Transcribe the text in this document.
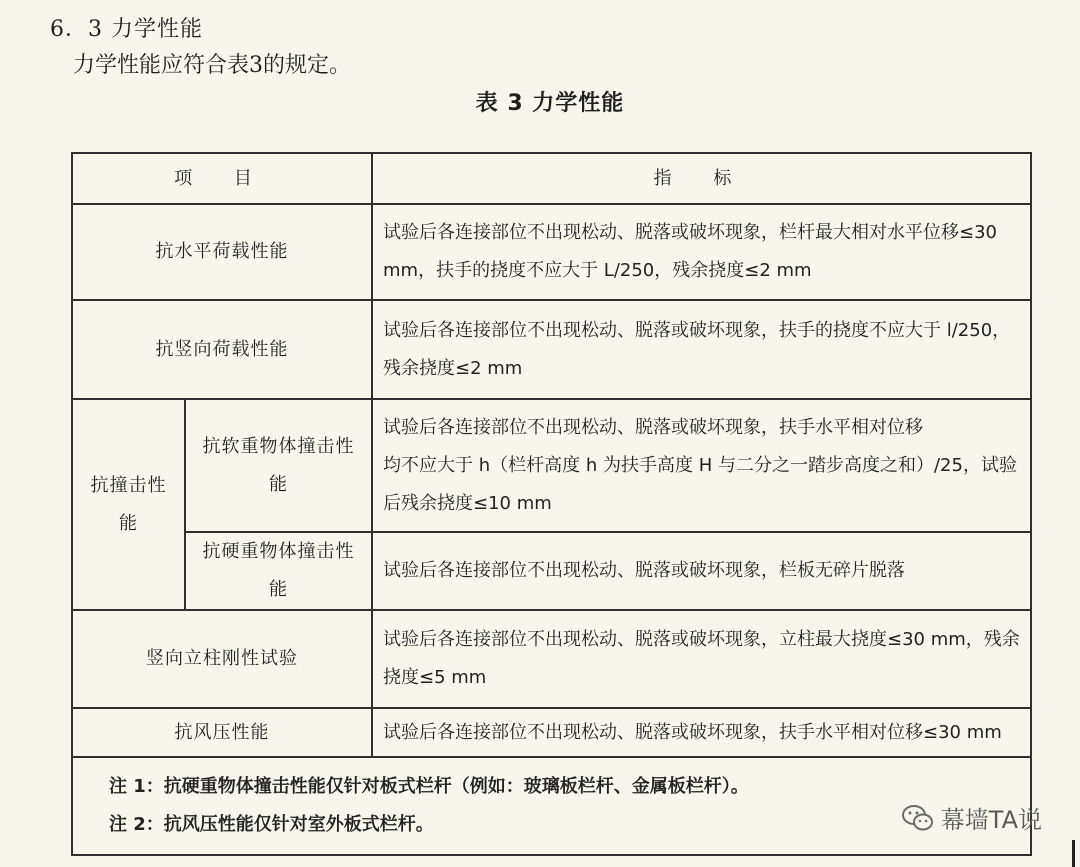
6．3 力学性能
力学性能应符合表3的规定。
表 3 力学性能
项 目		指 标
抗水平荷载性能		试验后各连接部位不出现松动、脱落或破坏现象，栏杆最大相对水平位移≤30 mm，扶手的挠度不应大于 L/250，残余挠度≤2 mm
抗竖向荷载性能		试验后各连接部位不出现松动、脱落或破坏现象，扶手的挠度不应大于 l/250，残余挠度≤2 mm
抗撞击性能	抗软重物体撞击性能	试验后各连接部位不出现松动、脱落或破坏现象，扶手水平相对位移
均不应大于 h（栏杆高度 h 为扶手高度 H 与二分之一踏步高度之和）/25，试验后残余挠度≤10 mm

	抗硬重物体撞击性能	试验后各连接部位不出现松动、脱落或破坏现象，栏板无碎片脱落
竖向立柱刚性试验		试验后各连接部位不出现松动、脱落或破坏现象，立柱最大挠度≤30 mm，残余挠度≤5 mm
抗风压性能		试验后各连接部位不出现松动、脱落或破坏现象，扶手水平相对位移≤30 mm

注 1：抗硬重物体撞击性能仅针对板式栏杆（例如：玻璃板栏杆、金属板栏杆）。
注 2：抗风压性能仅针对室外板式栏杆。			幕墙TA说
